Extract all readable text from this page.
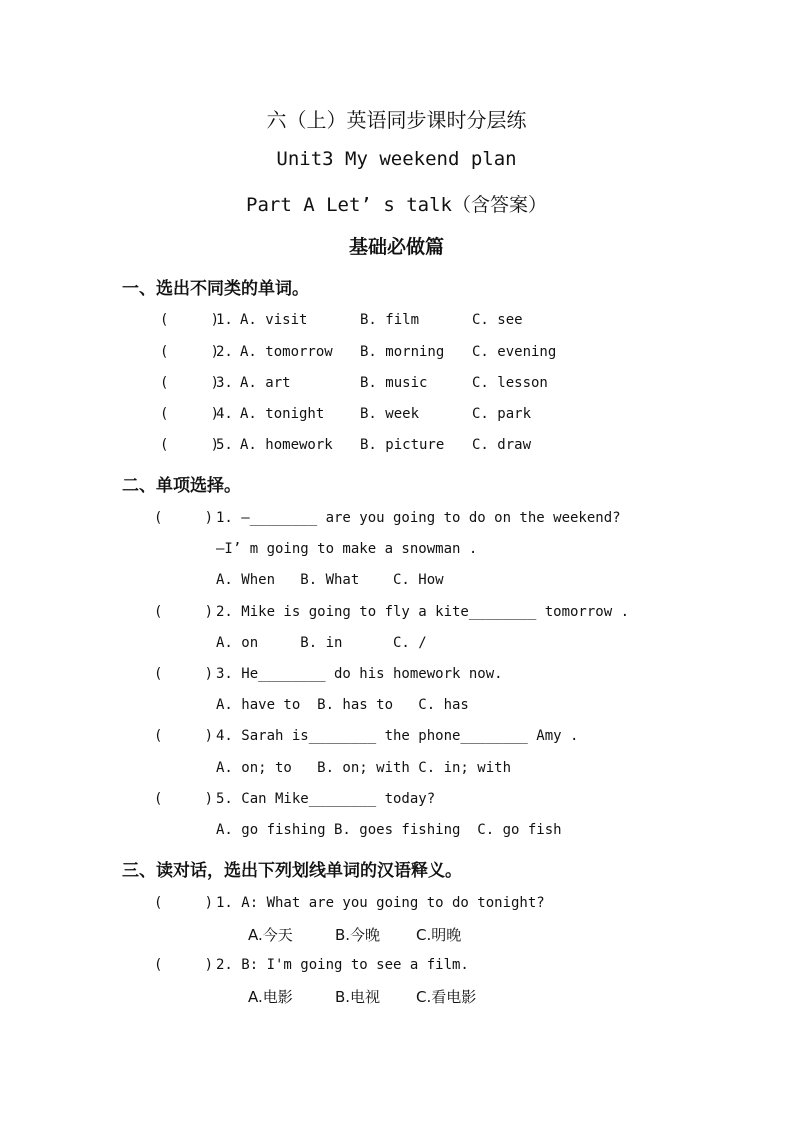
六（上）英语同步课时分层练
Unit3 My weekend plan
Part A Let’ s talk（含答案）
基础必做篇
一、选出不同类的单词。
(     )
1. A. visit	B. film	C. see
(     )
2. A. tomorrow B. morning C. evening
(     )
3. A. art	B. music	C. lesson
(     )
4. A. tonight	B. week	C. park
(     )
5. A. homework B. picture C. draw
二、单项选择。
(     ) 1. —________ are you going to do on the weekend?
—I’ m going to make a snowman .
A. When   B. What    C. How
(     ) 2. Mike is going to fly a kite________ tomorrow .
A. on     B. in      C. /
(     ) 3. He________ do his homework now.
A. have to  B. has to   C. has
(     ) 4. Sarah is________ the phone________ Amy .
A. on; to   B. on; with C. in; with
(     ) 5. Can Mike________ today?
A. go fishing B. goes fishing  C. go fish
三、读对话，选出下列划线单词的汉语释义。
(     ) 1. A: What are you going to do tonight?
A.今天	B.今晚 C.明晚
(     ) 2. B: I'm going to see a film.
A.电影	B.电视 C.看电影
